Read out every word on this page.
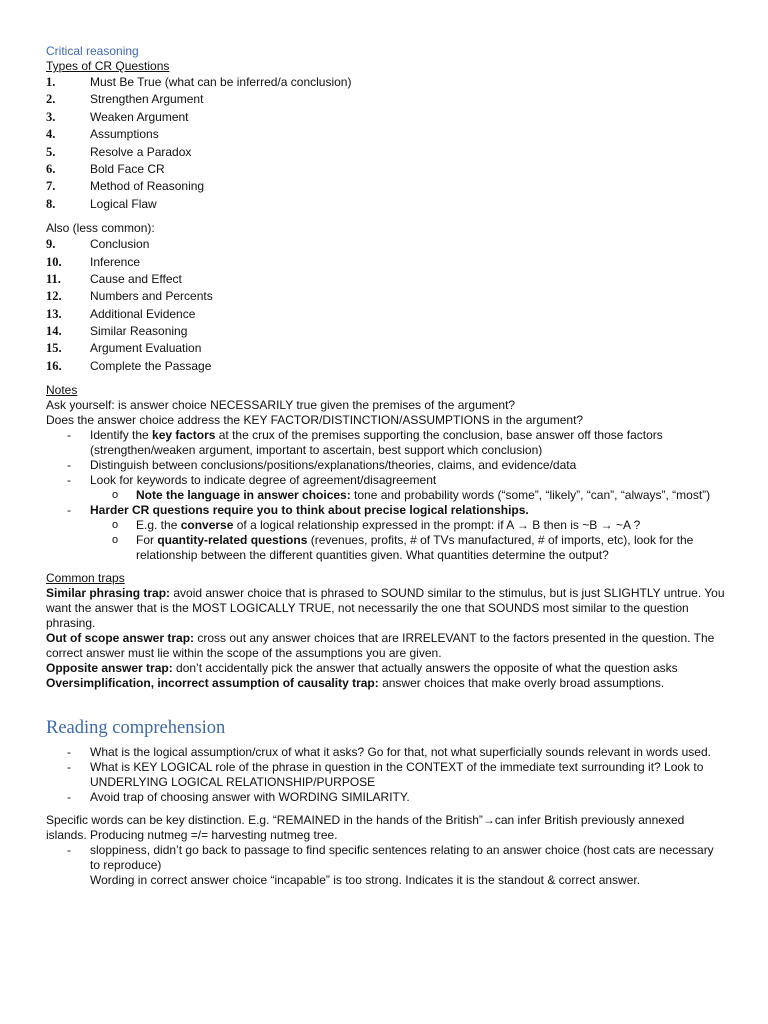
Critical reasoning
Types of CR Questions
1.	Must Be True (what can be inferred/a conclusion)
2.	Strengthen Argument
3.	Weaken Argument
4.	Assumptions
5.	Resolve a Paradox
6.	Bold Face CR
7.	Method of Reasoning
8.	Logical Flaw
Also (less common):
9.	Conclusion
10.	Inference
11.	Cause and Effect
12.	Numbers and Percents
13.	Additional Evidence
14.	Similar Reasoning
15.	Argument Evaluation
16.	Complete the Passage
Notes

Ask yourself: is answer choice NECESSARILY true given the premises of the argument?

Does the answer choice address the KEY FACTOR/DISTINCTION/ASSUMPTIONS in the argument?

- Identify the key factors at the crux of the premises supporting the conclusion, base answer off those factors (strengthen/weaken argument, important to ascertain, best support which conclusion)
- Distinguish between conclusions/positions/explanations/theories, claims, and evidence/data
- Look for keywords to indicate degree of agreement/disagreement
o Note the language in answer choices: tone and probability words (“some”, “likely”, “can”, “always”, “most”)
- Harder CR questions require you to think about precise logical relationships.
o E.g. the converse of a logical relationship expressed in the prompt: if A → B then is ~B → ~A ?
o For quantity-related questions (revenues, profits, # of TVs manufactured, # of imports, etc), look for the relationship between the different quantities given. What quantities determine the output?
Common traps

Similar phrasing trap: avoid answer choice that is phrased to SOUND similar to the stimulus, but is just SLIGHTLY untrue. You want the answer that is the MOST LOGICALLY TRUE, not necessarily the one that SOUNDS most similar to the question phrasing.

Out of scope answer trap: cross out any answer choices that are IRRELEVANT to the factors presented in the question. The correct answer must lie within the scope of the assumptions you are given.

Opposite answer trap: don’t accidentally pick the answer that actually answers the opposite of what the question asks

Oversimplification, incorrect assumption of causality trap: answer choices that make overly broad assumptions.

Reading comprehension
- What is the logical assumption/crux of what it asks? Go for that, not what superficially sounds relevant in words used.
- What is KEY LOGICAL role of the phrase in question in the CONTEXT of the immediate text surrounding it? Look to UNDERLYING LOGICAL RELATIONSHIP/PURPOSE
- Avoid trap of choosing answer with WORDING SIMILARITY.

Specific words can be key distinction. E.g. “REMAINED in the hands of the British”→can infer British previously annexed islands. Producing nutmeg =/= harvesting nutmeg tree.

- sloppiness, didn’t go back to passage to find specific sentences relating to an answer choice (host cats are necessary to reproduce)
Wording in correct answer choice “incapable” is too strong. Indicates it is the standout & correct answer.
